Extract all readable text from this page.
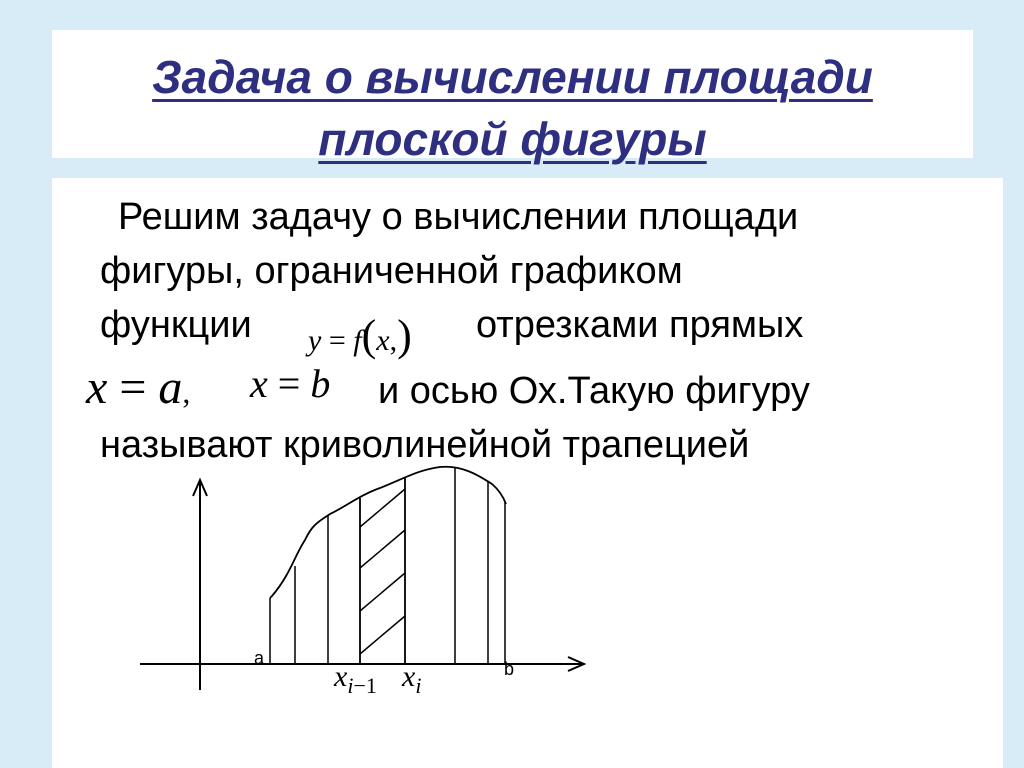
Задача о вычислении площади
плоской фигуры
Решим задачу о вычислении площади
фигуры, ограниченной графиком
функции	отрезками прямых
и осью Ох.Такую фигуру
называют криволинейной трапецией
y = f(x,)
x = a, x = b
a
b
$x_{i-1}$ $x_i$
